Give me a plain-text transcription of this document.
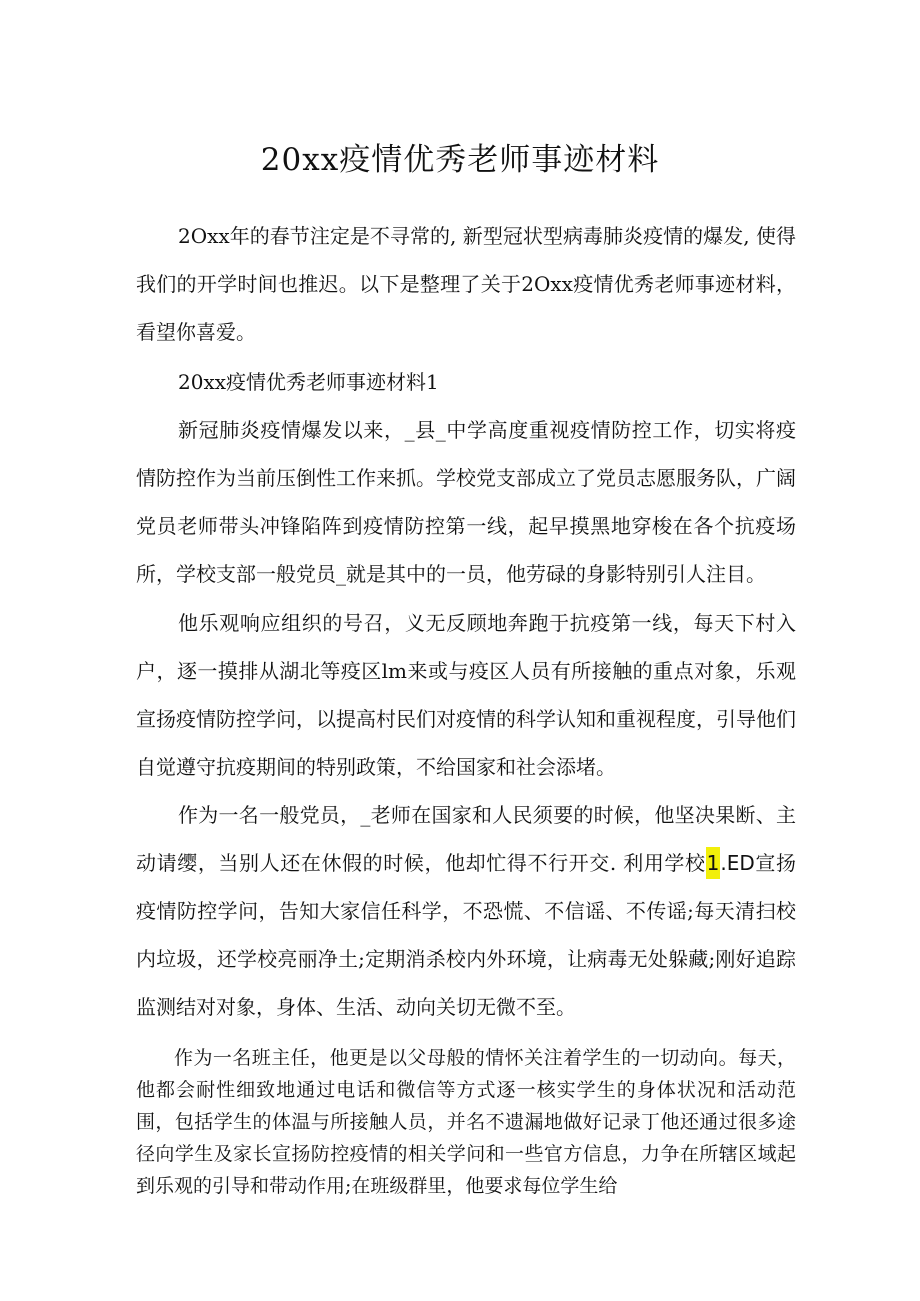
20xx疫情优秀老师事迹材料

2Oxx年的春节注定是不寻常的, 新型冠状型病毒肺炎疫情的爆发, 使得我们的开学时间也推迟。以下是整理了关于2Oxx疫情优秀老师事迹材料，看望你喜爱。

20xx疫情优秀老师事迹材料1

新冠肺炎疫情爆发以来，_县_中学高度重视疫情防控工作，切实将疫情防控作为当前压倒性工作来抓。学校党支部成立了党员志愿服务队，广阔党员老师带头冲锋陷阵到疫情防控第一线，起早摸黑地穿梭在各个抗疫场所，学校支部一般党员_就是其中的一员，他劳碌的身影特别引人注目。

他乐观响应组织的号召，义无反顾地奔跑于抗疫第一线，每天下村入户，逐一摸排从湖北等疫区lm来或与疫区人员有所接触的重点对象，乐观宣扬疫情防控学问，以提高村民们对疫情的科学认知和重视程度，引导他们自觉遵守抗疫期间的特别政策，不给国家和社会添堵。

作为一名一般党员，_老师在国家和人民须要的时候，他坚决果断、主动请缨，当别人还在休假的时候，他却忙得不行开交. 利用学校1.ED宣扬疫情防控学问，告知大家信任科学，不恐慌、不信谣、不传谣;每天清扫校内垃圾，还学校亮丽净土;定期消杀校内外环境，让病毒无处躲藏;刚好追踪监测结对对象，身体、生活、动向关切无微不至。

作为一名班主任，他更是以父母般的情怀关注着学生的一切动向。每天，他都会耐性细致地通过电话和微信等方式逐一核实学生的身体状况和活动范围，包括学生的体温与所接触人员，并名不遗漏地做好记录丁他还通过很多途径向学生及家长宣扬防控疫情的相关学问和一些官方信息，力争在所辖区域起到乐观的引导和带动作用;在班级群里，他要求每位学生给
